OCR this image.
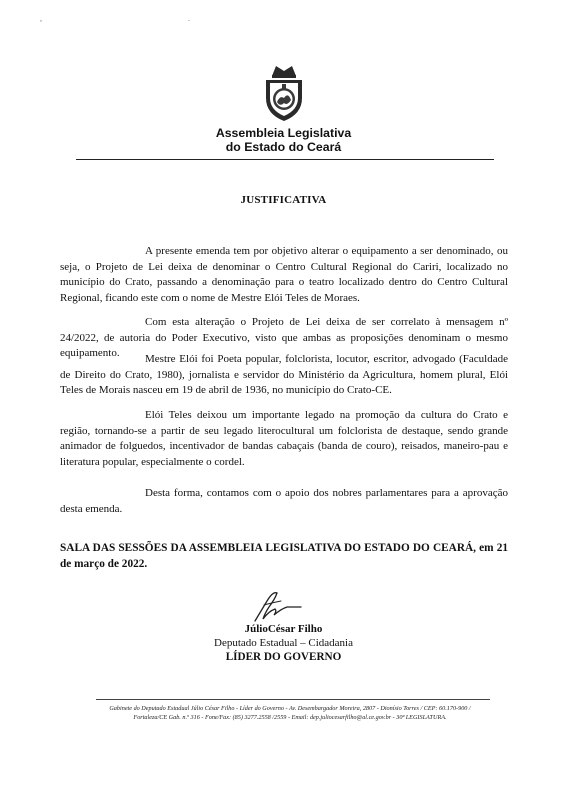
,	.
Assembleia Legislativa
do Estado do Ceará
JUSTIFICATIVA

A presente emenda tem por objetivo alterar o equipamento a ser denominado, ou seja, o Projeto de Lei deixa de denominar o Centro Cultural Regional do Cariri, localizado no município do Crato, passando a denominação para o teatro localizado dentro do Centro Cultural Regional, ficando este com o nome de Mestre Elói Teles de Moraes.

Com esta alteração o Projeto de Lei deixa de ser correlato à mensagem nº 24/2022, de autoria do Poder Executivo, visto que ambas as proposições denominam o mesmo equipamento.	Mestre Elói foi Poeta popular, folclorista, locutor, escritor, advogado (Faculdade de Direito do Crato, 1980), jornalista e servidor do Ministério da Agricultura, homem plural, Elói Teles de Morais nasceu em 19 de abril de 1936, no município do Crato-CE.

Elói Teles deixou um importante legado na promoção da cultura do Crato e região, tornando-se a partir de seu legado literocultural um folclorista de destaque, sendo grande animador de folguedos, incentivador de bandas cabaçais (banda de couro), reisados, maneiro-pau e literatura popular, especialmente o cordel.

Desta forma, contamos com o apoio dos nobres parlamentares para a aprovação desta emenda.

SALA DAS SESSÕES DA ASSEMBLEIA LEGISLATIVA DO ESTADO DO CEARÁ, em 21 de março de 2022.
JúlioCésar Filho
Deputado Estadual – Cidadania
LÍDER DO GOVERNO
Gabinete do Deputado Estadual Júlio César Filho - Líder do Governo - Av. Desembargador Moreira, 2807 - Dionísio Torres / CEP: 60.170-900 /
Fortaleza/CE Gab. n.º 316 - Fone/Fax: (85) 3277.2558 /2559 - Email: dep.juliocesarfilho@al.ce.gov.br - 30ª LEGISLATURA.
